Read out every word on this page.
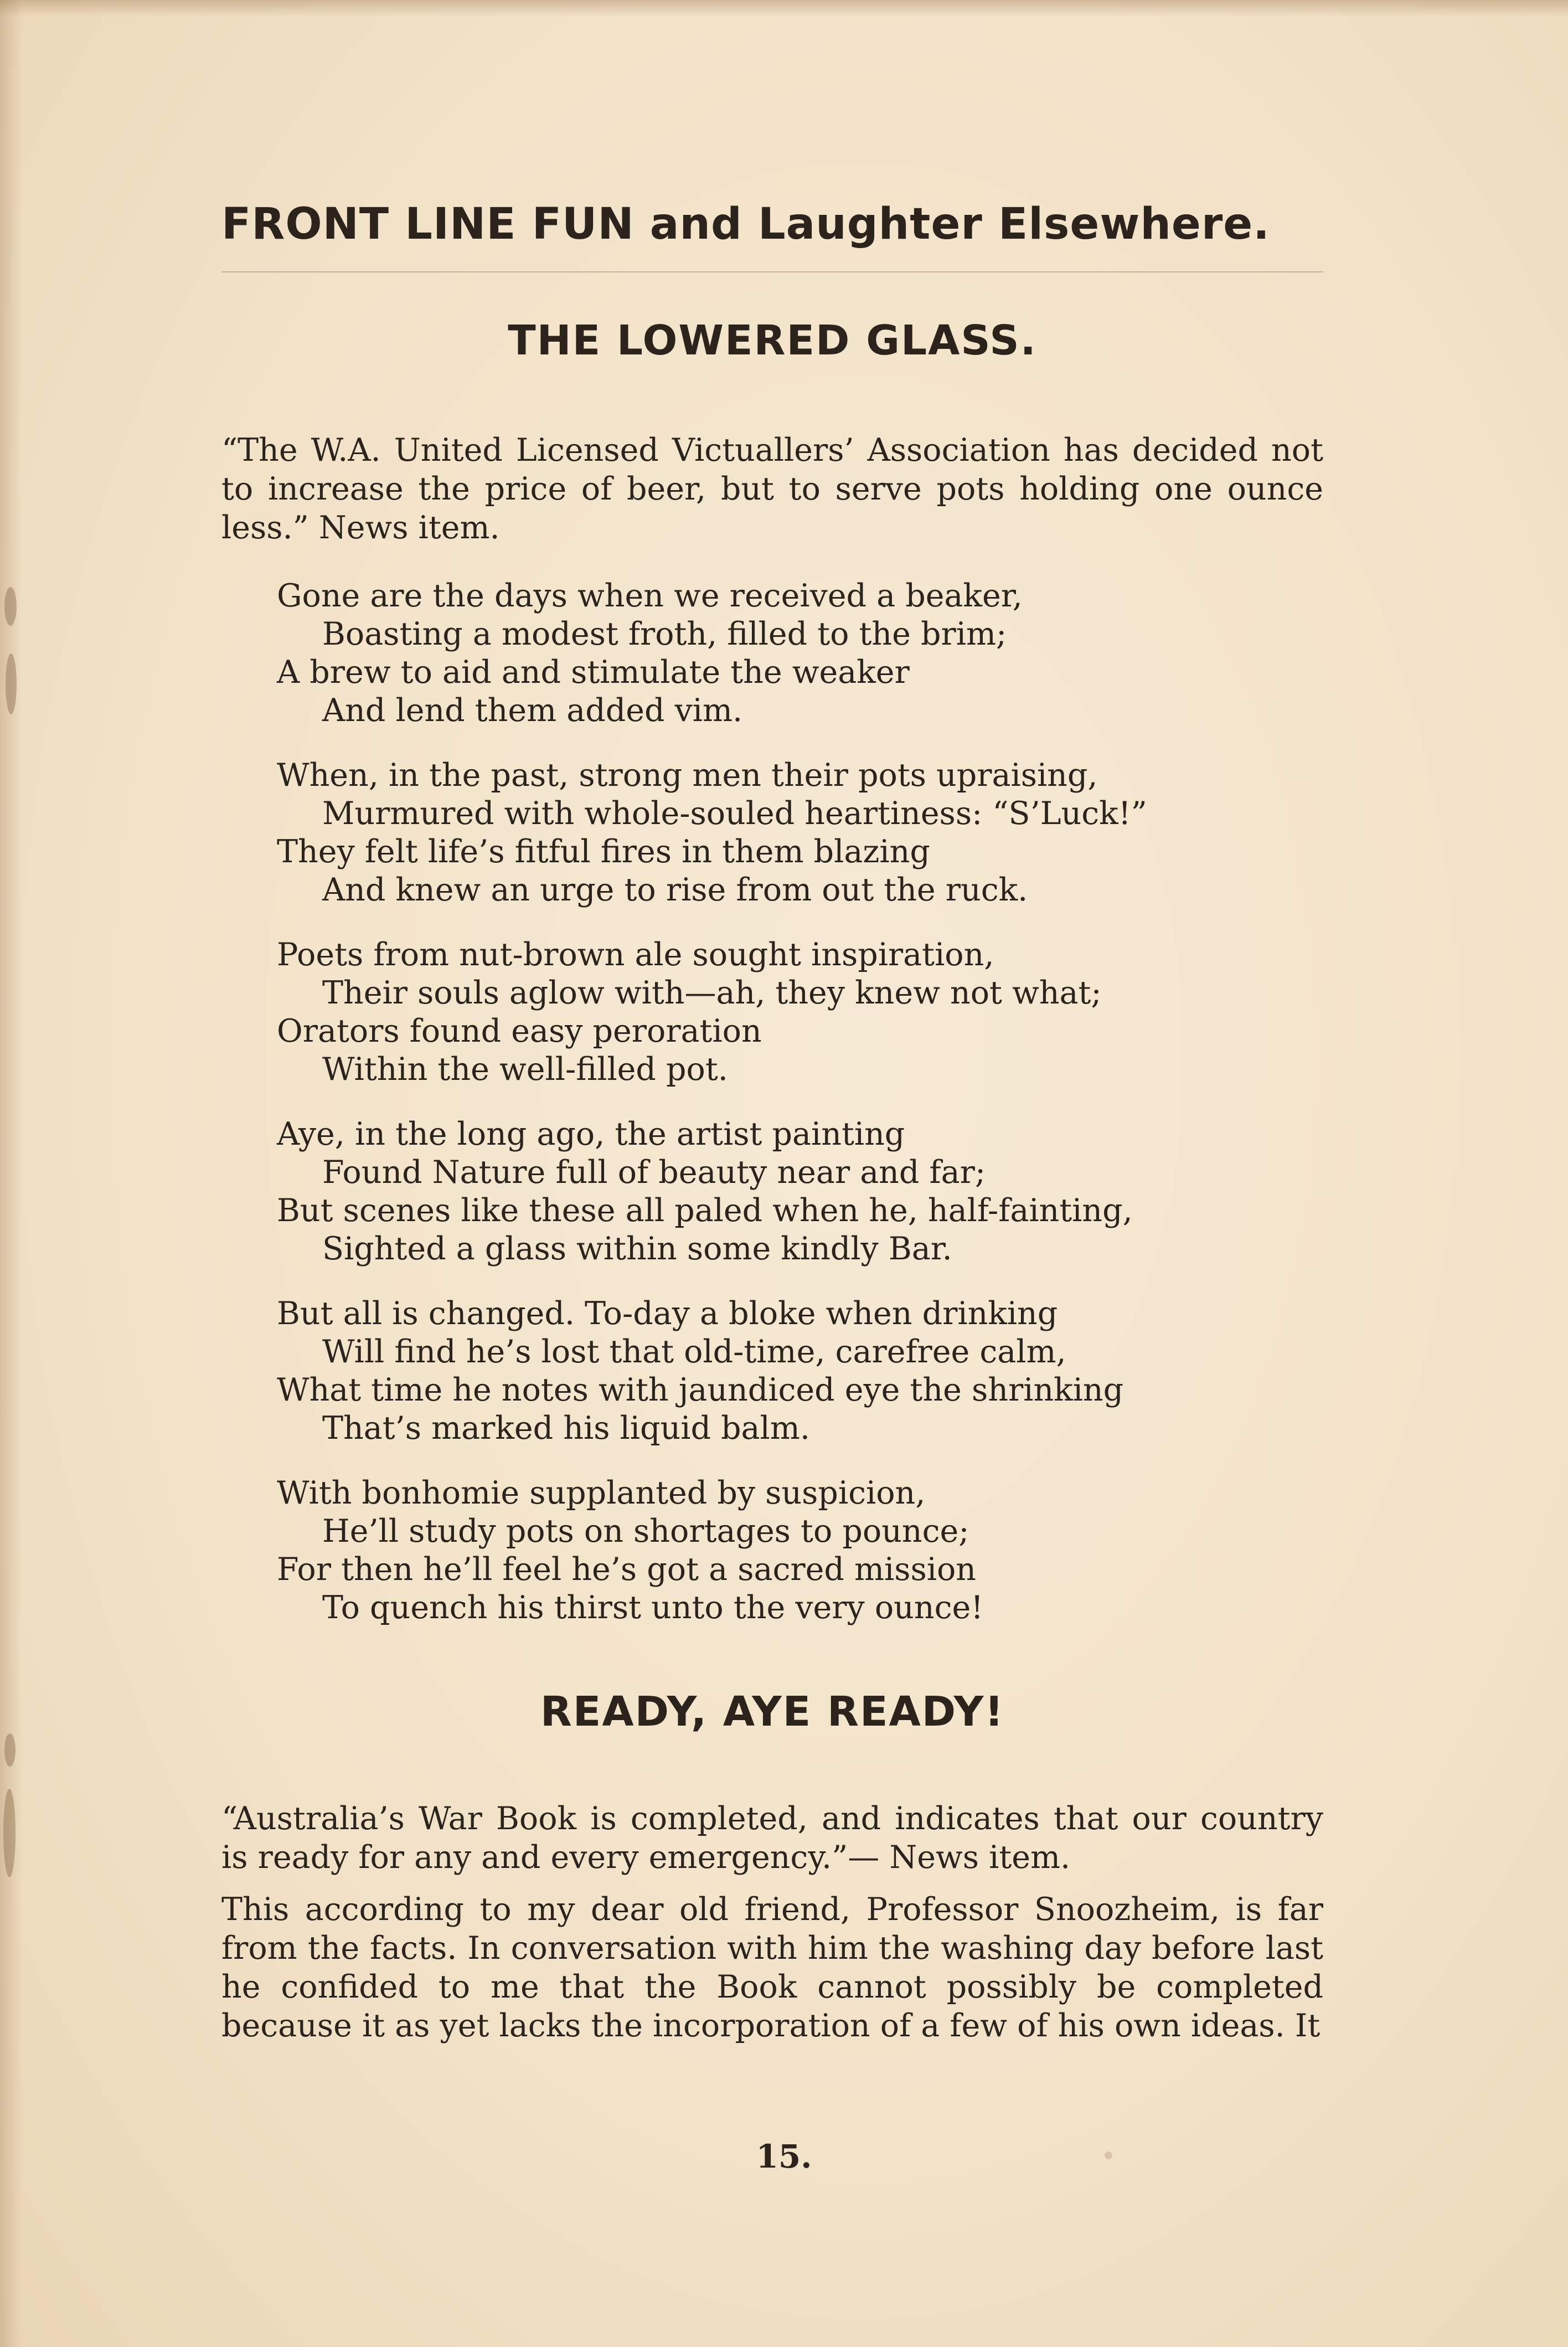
FRONT LINE FUN and Laughter Elsewhere.
THE LOWERED GLASS.

“The W.A. United Licensed Victuallers’ Association has decided not to increase the price of beer, but to serve pots holding one ounce less.” News item.

Gone are the days when we received a beaker,
Boasting a modest froth, filled to the brim;
A brew to aid and stimulate the weaker
And lend them added vim.
When, in the past, strong men their pots upraising,
Murmured with whole-souled heartiness: “S’Luck!”
They felt life’s fitful fires in them blazing
And knew an urge to rise from out the ruck.
Poets from nut-brown ale sought inspiration,
Their souls aglow with—ah, they knew not what;
Orators found easy peroration
Within the well-filled pot.
Aye, in the long ago, the artist painting
Found Nature full of beauty near and far;
But scenes like these all paled when he, half-fainting,
Sighted a glass within some kindly Bar.
But all is changed. To-day a bloke when drinking
Will find he’s lost that old-time, carefree calm,
What time he notes with jaundiced eye the shrinking
That’s marked his liquid balm.
With bonhomie supplanted by suspicion,
He’ll study pots on shortages to pounce;
For then he’ll feel he’s got a sacred mission
To quench his thirst unto the very ounce!
READY, AYE READY!

“Australia’s War Book is completed, and indicates that our country is ready for any and every emergency.”— News item.

This according to my dear old friend, Professor Snoozheim, is far from the facts. In conversation with him the washing day before last he confided to me that the Book cannot possibly be completed because it as yet lacks the incorporation of a few of his own ideas. It

15.
